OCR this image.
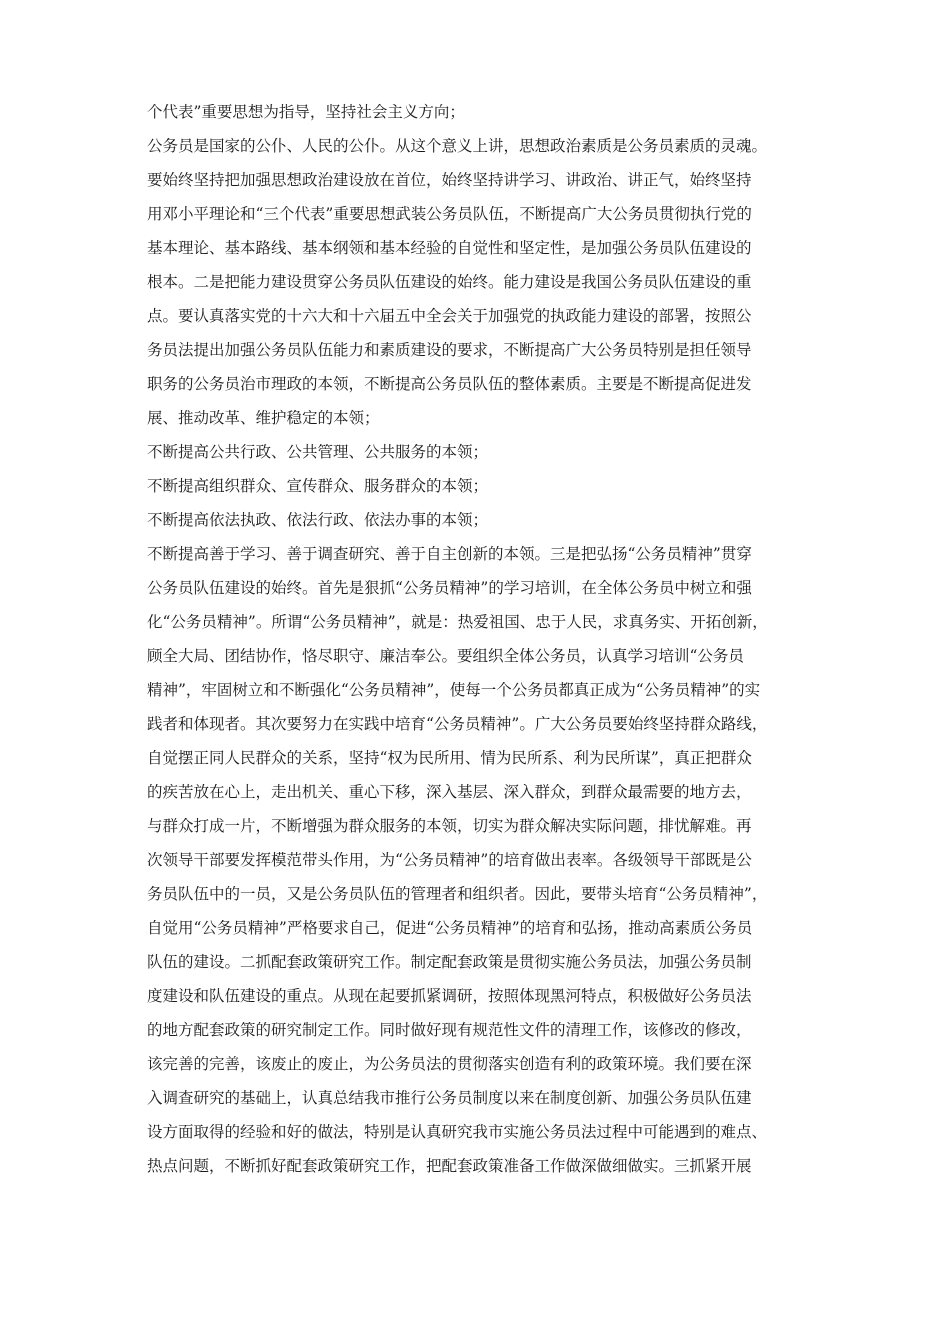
个代表”重要思想为指导，坚持社会主义方向；
公务员是国家的公仆、人民的公仆。从这个意义上讲，思想政治素质是公务员素质的灵魂。
要始终坚持把加强思想政治建设放在首位，始终坚持讲学习、讲政治、讲正气，始终坚持
用邓小平理论和“三个代表”重要思想武装公务员队伍，不断提高广大公务员贯彻执行党的
基本理论、基本路线、基本纲领和基本经验的自觉性和坚定性，是加强公务员队伍建设的
根本。二是把能力建设贯穿公务员队伍建设的始终。能力建设是我国公务员队伍建设的重
点。要认真落实党的十六大和十六届五中全会关于加强党的执政能力建设的部署，按照公
务员法提出加强公务员队伍能力和素质建设的要求，不断提高广大公务员特别是担任领导
职务的公务员治市理政的本领，不断提高公务员队伍的整体素质。主要是不断提高促进发
展、推动改革、维护稳定的本领；
不断提高公共行政、公共管理、公共服务的本领；
不断提高组织群众、宣传群众、服务群众的本领；
不断提高依法执政、依法行政、依法办事的本领；
不断提高善于学习、善于调查研究、善于自主创新的本领。三是把弘扬“公务员精神”贯穿
公务员队伍建设的始终。首先是狠抓“公务员精神”的学习培训，在全体公务员中树立和强
化“公务员精神”。所谓“公务员精神”，就是：热爱祖国、忠于人民，求真务实、开拓创新，
顾全大局、团结协作，恪尽职守、廉洁奉公。要组织全体公务员，认真学习培训“公务员
精神”，牢固树立和不断强化“公务员精神”，使每一个公务员都真正成为“公务员精神”的实
践者和体现者。其次要努力在实践中培育“公务员精神”。广大公务员要始终坚持群众路线，
自觉摆正同人民群众的关系，坚持“权为民所用、情为民所系、利为民所谋”，真正把群众
的疾苦放在心上，走出机关、重心下移，深入基层、深入群众，到群众最需要的地方去，
与群众打成一片，不断增强为群众服务的本领，切实为群众解决实际问题，排忧解难。再
次领导干部要发挥模范带头作用，为“公务员精神”的培育做出表率。各级领导干部既是公
务员队伍中的一员，又是公务员队伍的管理者和组织者。因此，要带头培育“公务员精神”，
自觉用“公务员精神”严格要求自己，促进“公务员精神”的培育和弘扬，推动高素质公务员
队伍的建设。二抓配套政策研究工作。制定配套政策是贯彻实施公务员法，加强公务员制
度建设和队伍建设的重点。从现在起要抓紧调研，按照体现黑河特点，积极做好公务员法
的地方配套政策的研究制定工作。同时做好现有规范性文件的清理工作，该修改的修改，
该完善的完善，该废止的废止，为公务员法的贯彻落实创造有利的政策环境。我们要在深
入调查研究的基础上，认真总结我市推行公务员制度以来在制度创新、加强公务员队伍建
设方面取得的经验和好的做法，特别是认真研究我市实施公务员法过程中可能遇到的难点、
热点问题，不断抓好配套政策研究工作，把配套政策准备工作做深做细做实。三抓紧开展
